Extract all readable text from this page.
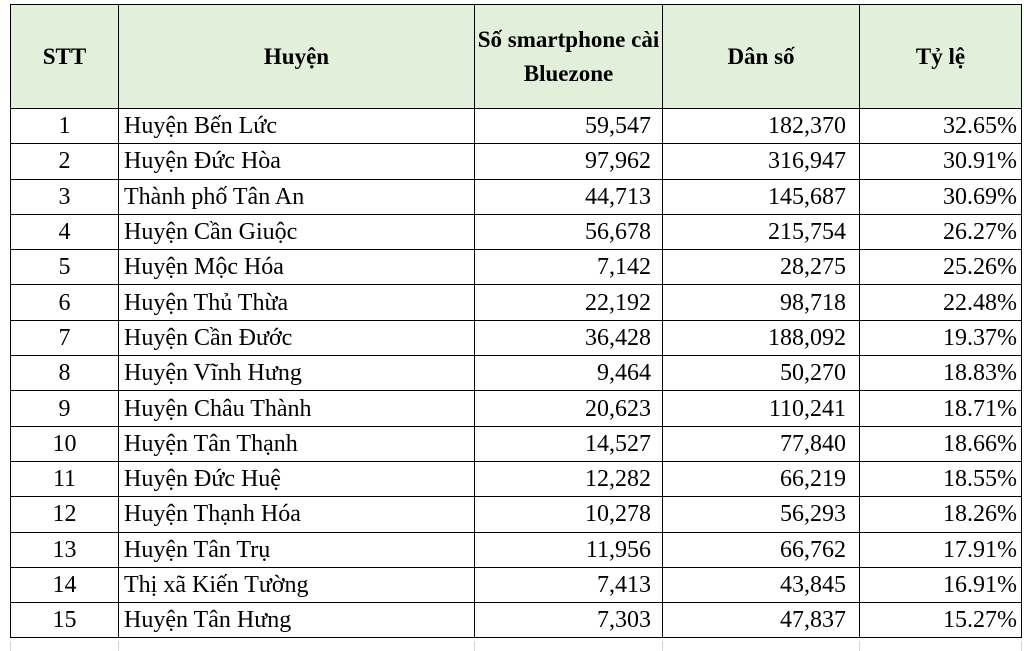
STT	Huyện	Số smartphone cài Bluezone	Dân số	Tỷ lệ
1	Huyện Bến Lức	59,547	182,370	32.65%
2	Huyện Đức Hòa	97,962	316,947	30.91%
3	Thành phố Tân An	44,713	145,687	30.69%
4	Huyện Cần Giuộc	56,678	215,754	26.27%
5	Huyện Mộc Hóa	7,142	28,275	25.26%
6	Huyện Thủ Thừa	22,192	98,718	22.48%
7	Huyện Cần Đước	36,428	188,092	19.37%
8	Huyện Vĩnh Hưng	9,464	50,270	18.83%
9	Huyện Châu Thành	20,623	110,241	18.71%
10	Huyện Tân Thạnh	14,527	77,840	18.66%
11	Huyện Đức Huệ	12,282	66,219	18.55%
12	Huyện Thạnh Hóa	10,278	56,293	18.26%
13	Huyện Tân Trụ	11,956	66,762	17.91%
14	Thị xã Kiến Tường	7,413	43,845	16.91%
15	Huyện Tân Hưng	7,303	47,837	15.27%
